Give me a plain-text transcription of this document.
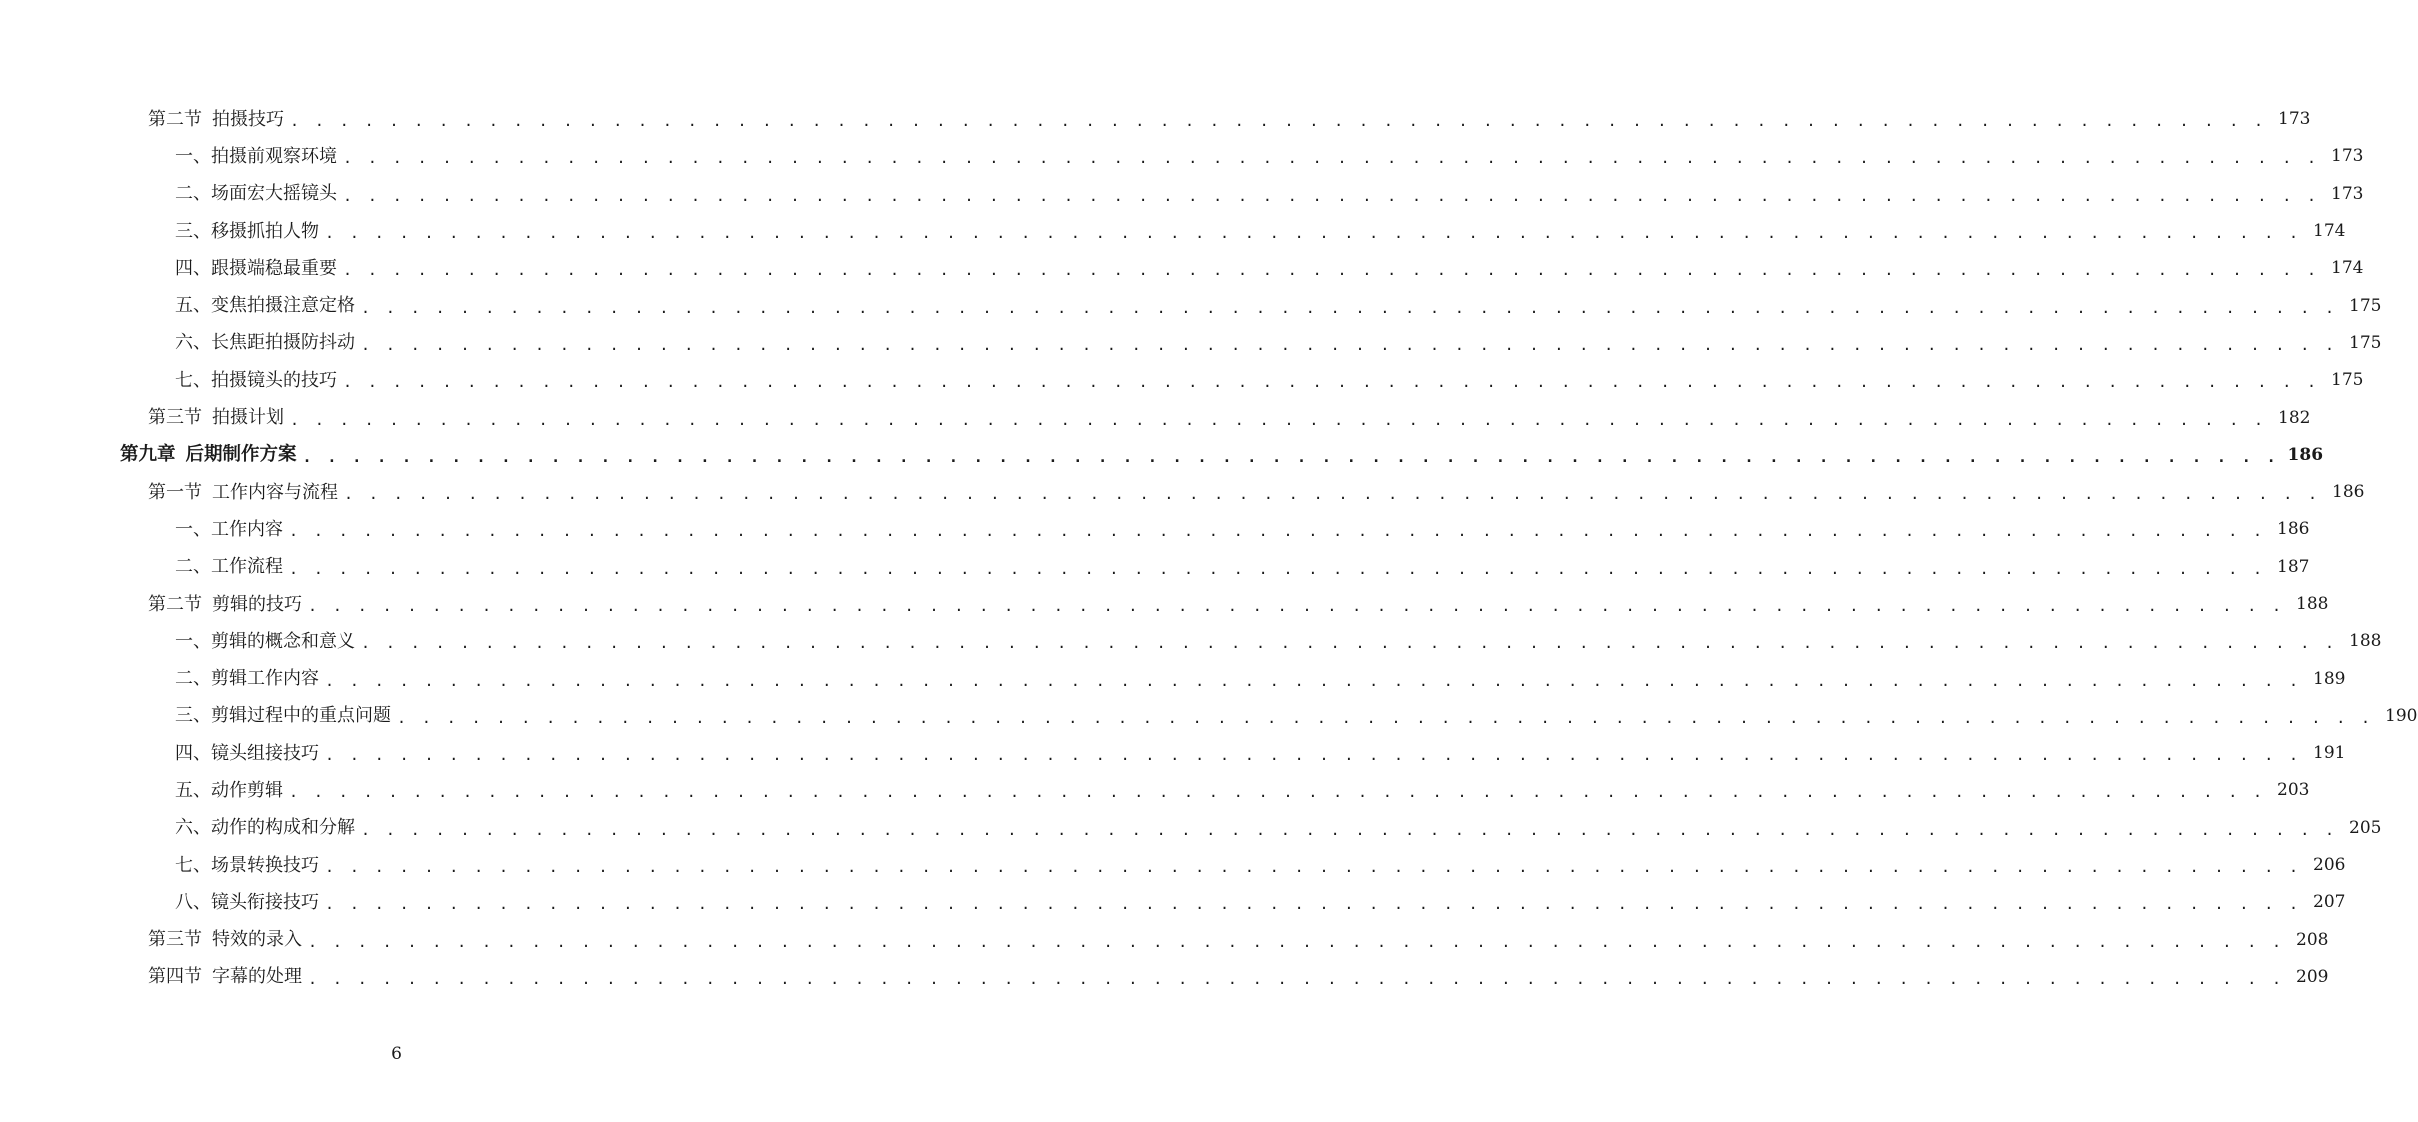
第二节 拍摄技巧 . . . . . . . . . . . . . . . . . . . . . . . . . . . . . . . . . . . . . . . . . . . . . . . . . . . . . . . . . . . . . . . . . . . . . . . . . . . . . . . . 173
一、拍摄前观察环境 . . . . . . . . . . . . . . . . . . . . . . . . . . . . . . . . . . . . . . . . . . . . . . . . . . . . . . . . . . . . . . . . . . . . . . . . . . . . . . . . 173
二、场面宏大摇镜头 . . . . . . . . . . . . . . . . . . . . . . . . . . . . . . . . . . . . . . . . . . . . . . . . . . . . . . . . . . . . . . . . . . . . . . . . . . . . . . . . 173
三、移摄抓拍人物 . . . . . . . . . . . . . . . . . . . . . . . . . . . . . . . . . . . . . . . . . . . . . . . . . . . . . . . . . . . . . . . . . . . . . . . . . . . . . . . . 174
四、跟摄端稳最重要 . . . . . . . . . . . . . . . . . . . . . . . . . . . . . . . . . . . . . . . . . . . . . . . . . . . . . . . . . . . . . . . . . . . . . . . . . . . . . . . . 174
五、变焦拍摄注意定格 . . . . . . . . . . . . . . . . . . . . . . . . . . . . . . . . . . . . . . . . . . . . . . . . . . . . . . . . . . . . . . . . . . . . . . . . . . . . . . . . 175
六、长焦距拍摄防抖动 . . . . . . . . . . . . . . . . . . . . . . . . . . . . . . . . . . . . . . . . . . . . . . . . . . . . . . . . . . . . . . . . . . . . . . . . . . . . . . . . 175
七、拍摄镜头的技巧 . . . . . . . . . . . . . . . . . . . . . . . . . . . . . . . . . . . . . . . . . . . . . . . . . . . . . . . . . . . . . . . . . . . . . . . . . . . . . . . . 175
第三节 拍摄计划 . . . . . . . . . . . . . . . . . . . . . . . . . . . . . . . . . . . . . . . . . . . . . . . . . . . . . . . . . . . . . . . . . . . . . . . . . . . . . . . . 182
第九章 后期制作方案 . . . . . . . . . . . . . . . . . . . . . . . . . . . . . . . . . . . . . . . . . . . . . . . . . . . . . . . . . . . . . . . . . . . . . . . . . . . . . . . . 186
第一节 工作内容与流程 . . . . . . . . . . . . . . . . . . . . . . . . . . . . . . . . . . . . . . . . . . . . . . . . . . . . . . . . . . . . . . . . . . . . . . . . . . . . . . . . 186
一、工作内容 . . . . . . . . . . . . . . . . . . . . . . . . . . . . . . . . . . . . . . . . . . . . . . . . . . . . . . . . . . . . . . . . . . . . . . . . . . . . . . . . 186
二、工作流程 . . . . . . . . . . . . . . . . . . . . . . . . . . . . . . . . . . . . . . . . . . . . . . . . . . . . . . . . . . . . . . . . . . . . . . . . . . . . . . . . 187
第二节 剪辑的技巧 . . . . . . . . . . . . . . . . . . . . . . . . . . . . . . . . . . . . . . . . . . . . . . . . . . . . . . . . . . . . . . . . . . . . . . . . . . . . . . . . 188
一、剪辑的概念和意义 . . . . . . . . . . . . . . . . . . . . . . . . . . . . . . . . . . . . . . . . . . . . . . . . . . . . . . . . . . . . . . . . . . . . . . . . . . . . . . . . 188
二、剪辑工作内容 . . . . . . . . . . . . . . . . . . . . . . . . . . . . . . . . . . . . . . . . . . . . . . . . . . . . . . . . . . . . . . . . . . . . . . . . . . . . . . . . 189
三、剪辑过程中的重点问题 . . . . . . . . . . . . . . . . . . . . . . . . . . . . . . . . . . . . . . . . . . . . . . . . . . . . . . . . . . . . . . . . . . . . . . . . . . . . . . . . 190
四、镜头组接技巧 . . . . . . . . . . . . . . . . . . . . . . . . . . . . . . . . . . . . . . . . . . . . . . . . . . . . . . . . . . . . . . . . . . . . . . . . . . . . . . . . 191
五、动作剪辑 . . . . . . . . . . . . . . . . . . . . . . . . . . . . . . . . . . . . . . . . . . . . . . . . . . . . . . . . . . . . . . . . . . . . . . . . . . . . . . . . 203
六、动作的构成和分解 . . . . . . . . . . . . . . . . . . . . . . . . . . . . . . . . . . . . . . . . . . . . . . . . . . . . . . . . . . . . . . . . . . . . . . . . . . . . . . . . 205
七、场景转换技巧 . . . . . . . . . . . . . . . . . . . . . . . . . . . . . . . . . . . . . . . . . . . . . . . . . . . . . . . . . . . . . . . . . . . . . . . . . . . . . . . . 206
八、镜头衔接技巧 . . . . . . . . . . . . . . . . . . . . . . . . . . . . . . . . . . . . . . . . . . . . . . . . . . . . . . . . . . . . . . . . . . . . . . . . . . . . . . . . 207
第三节 特效的录入 . . . . . . . . . . . . . . . . . . . . . . . . . . . . . . . . . . . . . . . . . . . . . . . . . . . . . . . . . . . . . . . . . . . . . . . . . . . . . . . . 208
第四节 字幕的处理 . . . . . . . . . . . . . . . . . . . . . . . . . . . . . . . . . . . . . . . . . . . . . . . . . . . . . . . . . . . . . . . . . . . . . . . . . . . . . . . . 209
6
